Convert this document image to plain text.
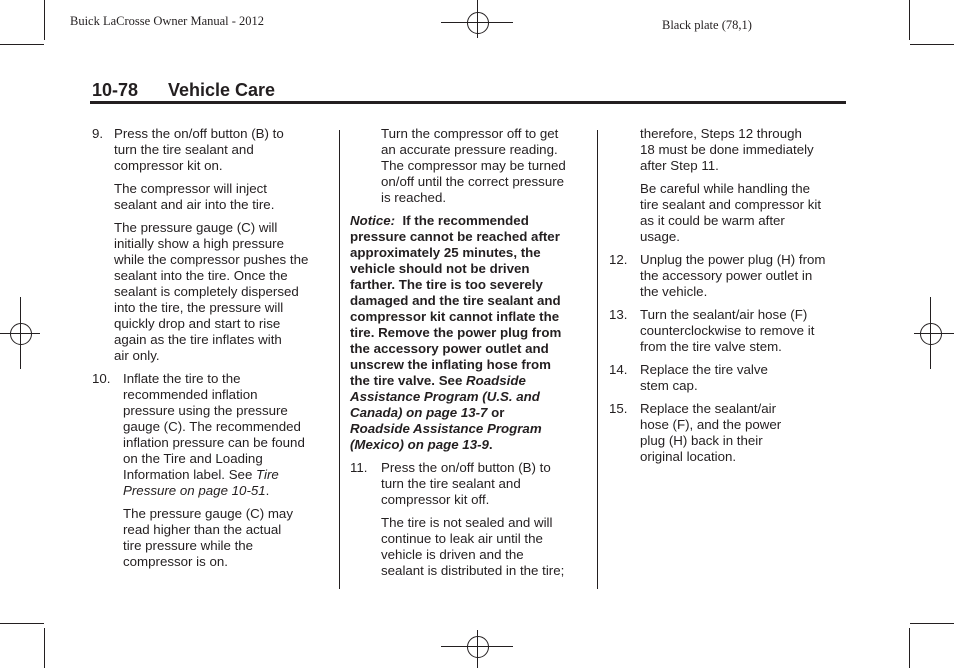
Buick LaCrosse Owner Manual - 2012	Black plate (78,1)
10-78 Vehicle Care
9. Press the on/off button (B) to
turn the tire sealant and
compressor kit on.

The compressor will inject
sealant and air into the tire.

The pressure gauge (C) will
initially show a high pressure
while the compressor pushes the
sealant into the tire. Once the
sealant is completely dispersed
into the tire, the pressure will
quickly drop and start to rise
again as the tire inflates with
air only.

10. Inflate the tire to the
recommended inflation
pressure using the pressure
gauge (C). The recommended
inflation pressure can be found
on the Tire and Loading
Information label. See Tire
Pressure on page 10-51.

The pressure gauge (C) may
read higher than the actual
tire pressure while the
compressor is on.

Turn the compressor off to get
an accurate pressure reading.
The compressor may be turned
on/off until the correct pressure
is reached.

Notice: If the recommended
pressure cannot be reached after
approximately 25 minutes, the
vehicle should not be driven
farther. The tire is too severely
damaged and the tire sealant and
compressor kit cannot inflate the
tire. Remove the power plug from
the accessory power outlet and
unscrew the inflating hose from
the tire valve. See Roadside
Assistance Program (U.S. and
Canada) on page 13-7 or
Roadside Assistance Program
(Mexico) on page 13-9.

11. Press the on/off button (B) to
turn the tire sealant and
compressor kit off.

The tire is not sealed and will
continue to leak air until the
vehicle is driven and the
sealant is distributed in the tire;

therefore, Steps 12 through
18 must be done immediately
after Step 11.

Be careful while handling the
tire sealant and compressor kit
as it could be warm after
usage.

12. Unplug the power plug (H) from
the accessory power outlet in
the vehicle.

13. Turn the sealant/air hose (F)
counterclockwise to remove it
from the tire valve stem.

14. Replace the tire valve
stem cap.

15. Replace the sealant/air
hose (F), and the power
plug (H) back in their
original location.
